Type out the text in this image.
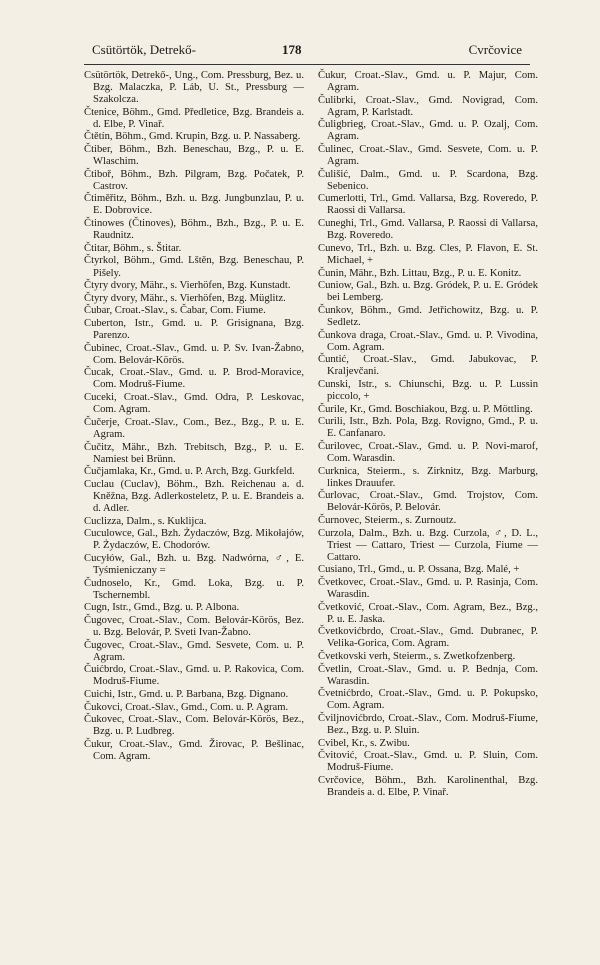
Csütörtök, Detrekő-	178	Cvrčovice

Csütörtök, Detrekő-, Ung., Com. Pressburg, Bez. u. Bzg. Malaczka, P. Láb, U. St., Pressburg — Szakolcza.

Čtenice, Böhm., Gmd. Předletice, Bzg. Brandeis a. d. Elbe, P. Vinař.

Čtětín, Böhm., Gmd. Krupin, Bzg. u. P. Nassaberg.

Čtiber, Böhm., Bzh. Beneschau, Bzg., P. u. E. Wlaschim.

Čtiboř, Böhm., Bzh. Pilgram, Bzg. Počatek, P. Castrov.

Čtiměřitz, Böhm., Bzh. u. Bzg. Jungbunzlau, P. u. E. Dobrovice.

Čtinowes (Čtinoves), Böhm., Bzh., Bzg., P. u. E. Raudnitz.

Čtitar, Böhm., s. Štitar.

Čtyrkol, Böhm., Gmd. Lštěn, Bzg. Beneschau, P. Pišely.

Čtyry dvory, Mähr., s. Vierhöfen, Bzg. Kunstadt.

Čtyry dvory, Mähr., s. Vierhöfen, Bzg. Müglitz.

Čubar, Croat.-Slav., s. Čabar, Com. Fiume.

Cuberton, Istr., Gmd. u. P. Grisignana, Bzg. Parenzo.

Čubinec, Croat.-Slav., Gmd. u. P. Sv. Ivan-Žabno, Com. Belovár-Körös.

Čucak, Croat.-Slav., Gmd. u. P. Brod-Moravice, Com. Modruš-Fiume.

Cuceki, Croat.-Slav., Gmd. Odra, P. Leskovac, Com. Agram.

Čučerje, Croat.-Slav., Com., Bez., Bzg., P. u. E. Agram.

Čučitz, Mähr., Bzh. Trebitsch, Bzg., P. u. E. Namiest bei Brünn.

Čučjamlaka, Kr., Gmd. u. P. Arch, Bzg. Gurkfeld.

Cuclau (Cuclav), Böhm., Bzh. Reichenau a. d. Kněžna, Bzg. Adlerkosteletz, P. u. E. Brandeis a. d. Adler.

Cuclizza, Dalm., s. Kuklijca.

Cuculowce, Gal., Bzh. Żydaczów, Bzg. Mikołajów, P. Żydaczów, E. Chodorów.

Cucyłów, Gal., Bzh. u. Bzg. Nadwórna, ♂, E. Tyśmieniczany =

Čudnoselo, Kr., Gmd. Loka, Bzg. u. P. Tschernembl.

Cugn, Istr., Gmd., Bzg. u. P. Albona.

Čugovec, Croat.-Slav., Com. Belovár-Körös, Bez. u. Bzg. Belovár, P. Sveti Ivan-Žabno.

Čugovec, Croat.-Slav., Gmd. Sesvete, Com. u. P. Agram.

Čuićbrdo, Croat.-Slav., Gmd. u. P. Rakovica, Com. Modruš-Fiume.

Cuichi, Istr., Gmd. u. P. Barbana, Bzg. Dignano.

Čukovci, Croat.-Slav., Gmd., Com. u. P. Agram.

Čukovec, Croat.-Slav., Com. Belovár-Körös, Bez., Bzg. u. P. Ludbreg.

Čukur, Croat.-Slav., Gmd. Žirovac, P. Bešlinac, Com. Agram.

Čukur, Croat.-Slav., Gmd. u. P. Majur, Com. Agram.

Čulibrki, Croat.-Slav., Gmd. Novigrad, Com. Agram, P. Karlstadt.

Čuligbrieg, Croat.-Slav., Gmd. u. P. Ozalj, Com. Agram.

Čulinec, Croat.-Slav., Gmd. Sesvete, Com. u. P. Agram.

Čulišić, Dalm., Gmd. u. P. Scardona, Bzg. Sebenico.

Cumerlotti, Trl., Gmd. Vallarsa, Bzg. Roveredo, P. Raossi di Vallarsa.

Cuneghi, Trl., Gmd. Vallarsa, P. Raossi di Vallarsa, Bzg. Roveredo.

Cunevo, Trl., Bzh. u. Bzg. Cles, P. Flavon, E. St. Michael, +

Čunin, Mähr., Bzh. Littau, Bzg., P. u. E. Konitz.

Cuniow, Gal., Bzh. u. Bzg. Gródek, P. u. E. Gródek bei Lemberg.

Čunkov, Böhm., Gmd. Jetřichowitz, Bzg. u. P. Sedletz.

Čunkova draga, Croat.-Slav., Gmd. u. P. Vivodina, Com. Agram.

Čuntić, Croat.-Slav., Gmd. Jabukovac, P. Kraljevčani.

Cunski, Istr., s. Chiunschi, Bzg. u. P. Lussin piccolo, +

Čurile, Kr., Gmd. Boschiakou, Bzg. u. P. Möttling.

Curili, Istr., Bzh. Pola, Bzg. Rovigno, Gmd., P. u. E. Canfanaro.

Čurilovec, Croat.-Slav., Gmd. u. P. Novi-marof, Com. Warasdin.

Curknica, Steierm., s. Zirknitz, Bzg. Marburg, linkes Drauufer.

Čurlovac, Croat.-Slav., Gmd. Trojstov, Com. Belovár-Körös, P. Belovár.

Čurnovec, Steierm., s. Zurnoutz.

Curzola, Dalm., Bzh. u. Bzg. Curzola, ♂, D. L., Triest — Cattaro, Triest — Curzola, Fiume — Cattaro.

Cusiano, Trl., Gmd., u. P. Ossana, Bzg. Malé, +

Čvetkovec, Croat.-Slav., Gmd. u. P. Rasinja, Com. Warasdin.

Čvetković, Croat.-Slav., Com. Agram, Bez., Bzg., P. u. E. Jaska.

Čvetkovićbrdo, Croat.-Slav., Gmd. Dubranec, P. Velika-Gorica, Com. Agram.

Čvetkovski verh, Steierm., s. Zwetkofzenberg.

Čvetlin, Croat.-Slav., Gmd. u. P. Bednja, Com. Warasdin.

Čvetnićbrdo, Croat.-Slav., Gmd. u. P. Pokupsko, Com. Agram.

Čviljnovićbrdo, Croat.-Slav., Com. Modruš-Fiume, Bez., Bzg. u. P. Sluin.

Cvibel, Kr., s. Zwibu.

Čvitović, Croat.-Slav., Gmd. u. P. Sluin, Com. Modruš-Fiume.

Cvrčovice, Böhm., Bzh. Karolinenthal, Bzg. Brandeis a. d. Elbe, P. Vinař.
